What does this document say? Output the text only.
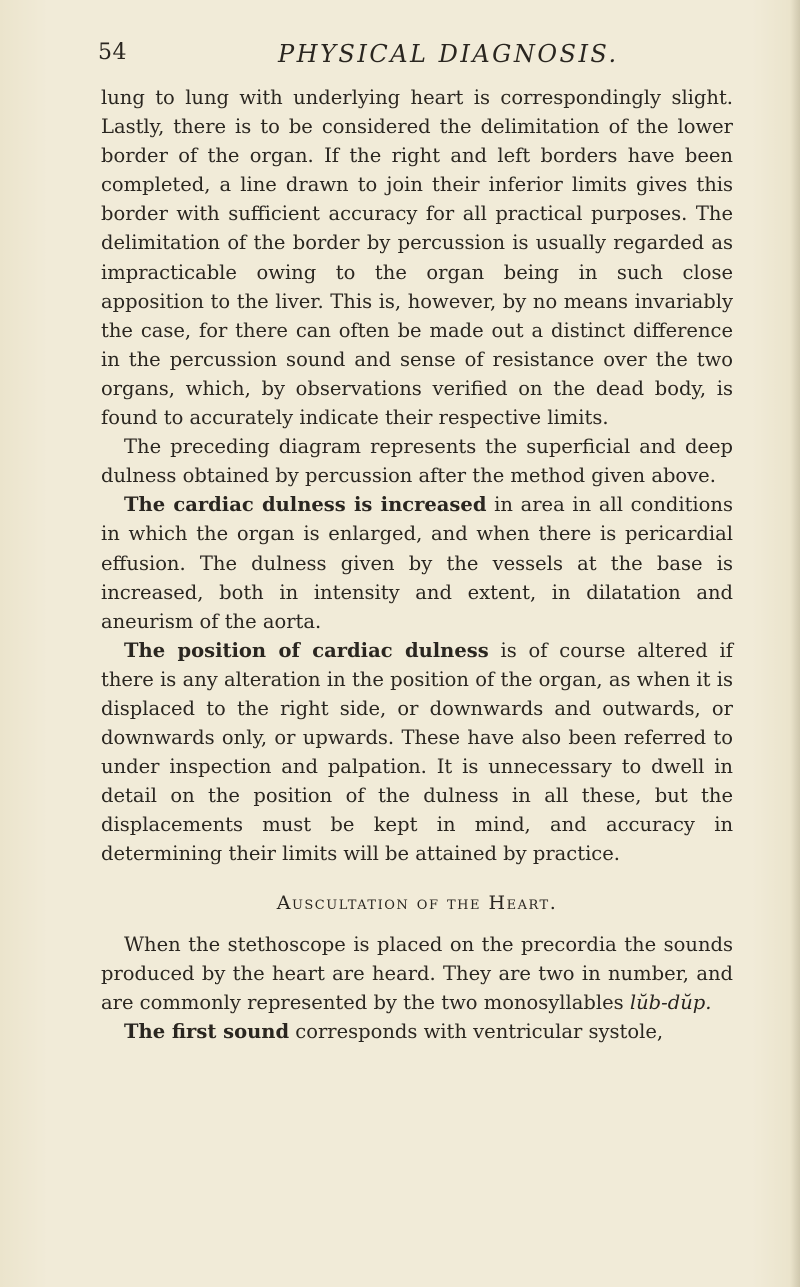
54	PHYSICAL DIAGNOSIS.

lung to lung with underlying heart is correspondingly slight. Lastly, there is to be considered the delimitation of the lower border of the organ. If the right and left borders have been completed, a line drawn to join their inferior limits gives this border with sufficient accuracy for all practical purposes. The delimitation of the border by percussion is usually regarded as impracticable owing to the organ being in such close apposition to the liver. This is, however, by no means invariably the case, for there can often be made out a distinct difference in the percussion sound and sense of resistance over the two organs, which, by observations verified on the dead body, is found to accurately indicate their respective limits.

The preceding diagram represents the superficial and deep dulness obtained by percussion after the method given above.

The cardiac dulness is increased in area in all conditions in which the organ is enlarged, and when there is pericardial effusion. The dulness given by the vessels at the base is increased, both in intensity and extent, in dilatation and aneurism of the aorta.

The position of cardiac dulness is of course altered if there is any alteration in the position of the organ, as when it is displaced to the right side, or downwards and outwards, or downwards only, or upwards. These have also been referred to under inspection and palpation. It is unnecessary to dwell in detail on the position of the dulness in all these, but the displacements must be kept in mind, and accuracy in determining their limits will be attained by practice.

Auscultation of the Heart.

When the stethoscope is placed on the precordia the sounds produced by the heart are heard. They are two in number, and are commonly represented by the two monosyllables lŭb-dŭp.

The first sound corresponds with ventricular systole,
